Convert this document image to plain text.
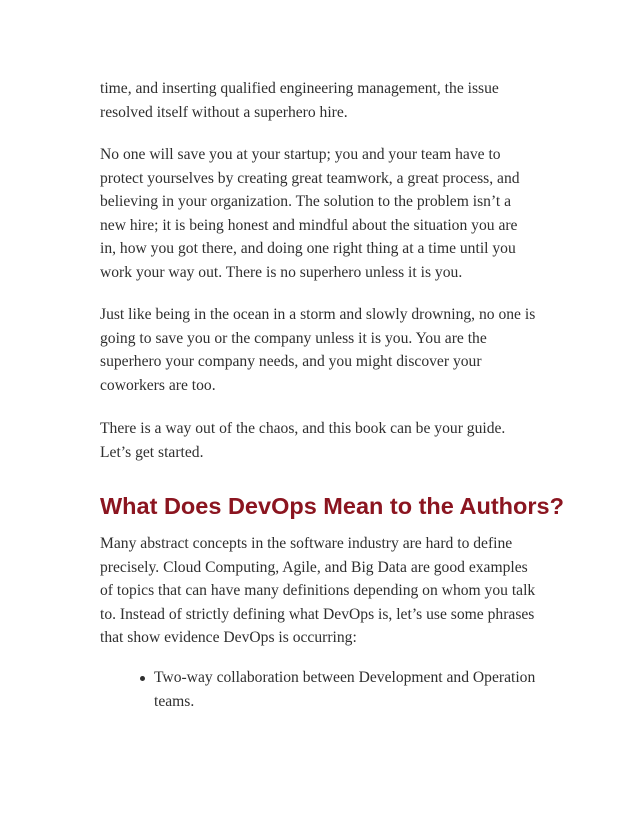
time, and inserting qualified engineering management, the issue
resolved itself without a superhero hire.

No one will save you at your startup; you and your team have to
protect yourselves by creating great teamwork, a great process, and
believing in your organization. The solution to the problem isn’t a
new hire; it is being honest and mindful about the situation you are
in, how you got there, and doing one right thing at a time until you
work your way out. There is no superhero unless it is you.

Just like being in the ocean in a storm and slowly drowning, no one is
going to save you or the company unless it is you. You are the
superhero your company needs, and you might discover your
coworkers are too.

There is a way out of the chaos, and this book can be your guide.
Let’s get started.

What Does DevOps Mean to the Authors?

Many abstract concepts in the software industry are hard to define
precisely. Cloud Computing, Agile, and Big Data are good examples
of topics that can have many definitions depending on whom you talk
to. Instead of strictly defining what DevOps is, let’s use some phrases
that show evidence DevOps is occurring:

Two-way collaboration between Development and Operation
teams.
